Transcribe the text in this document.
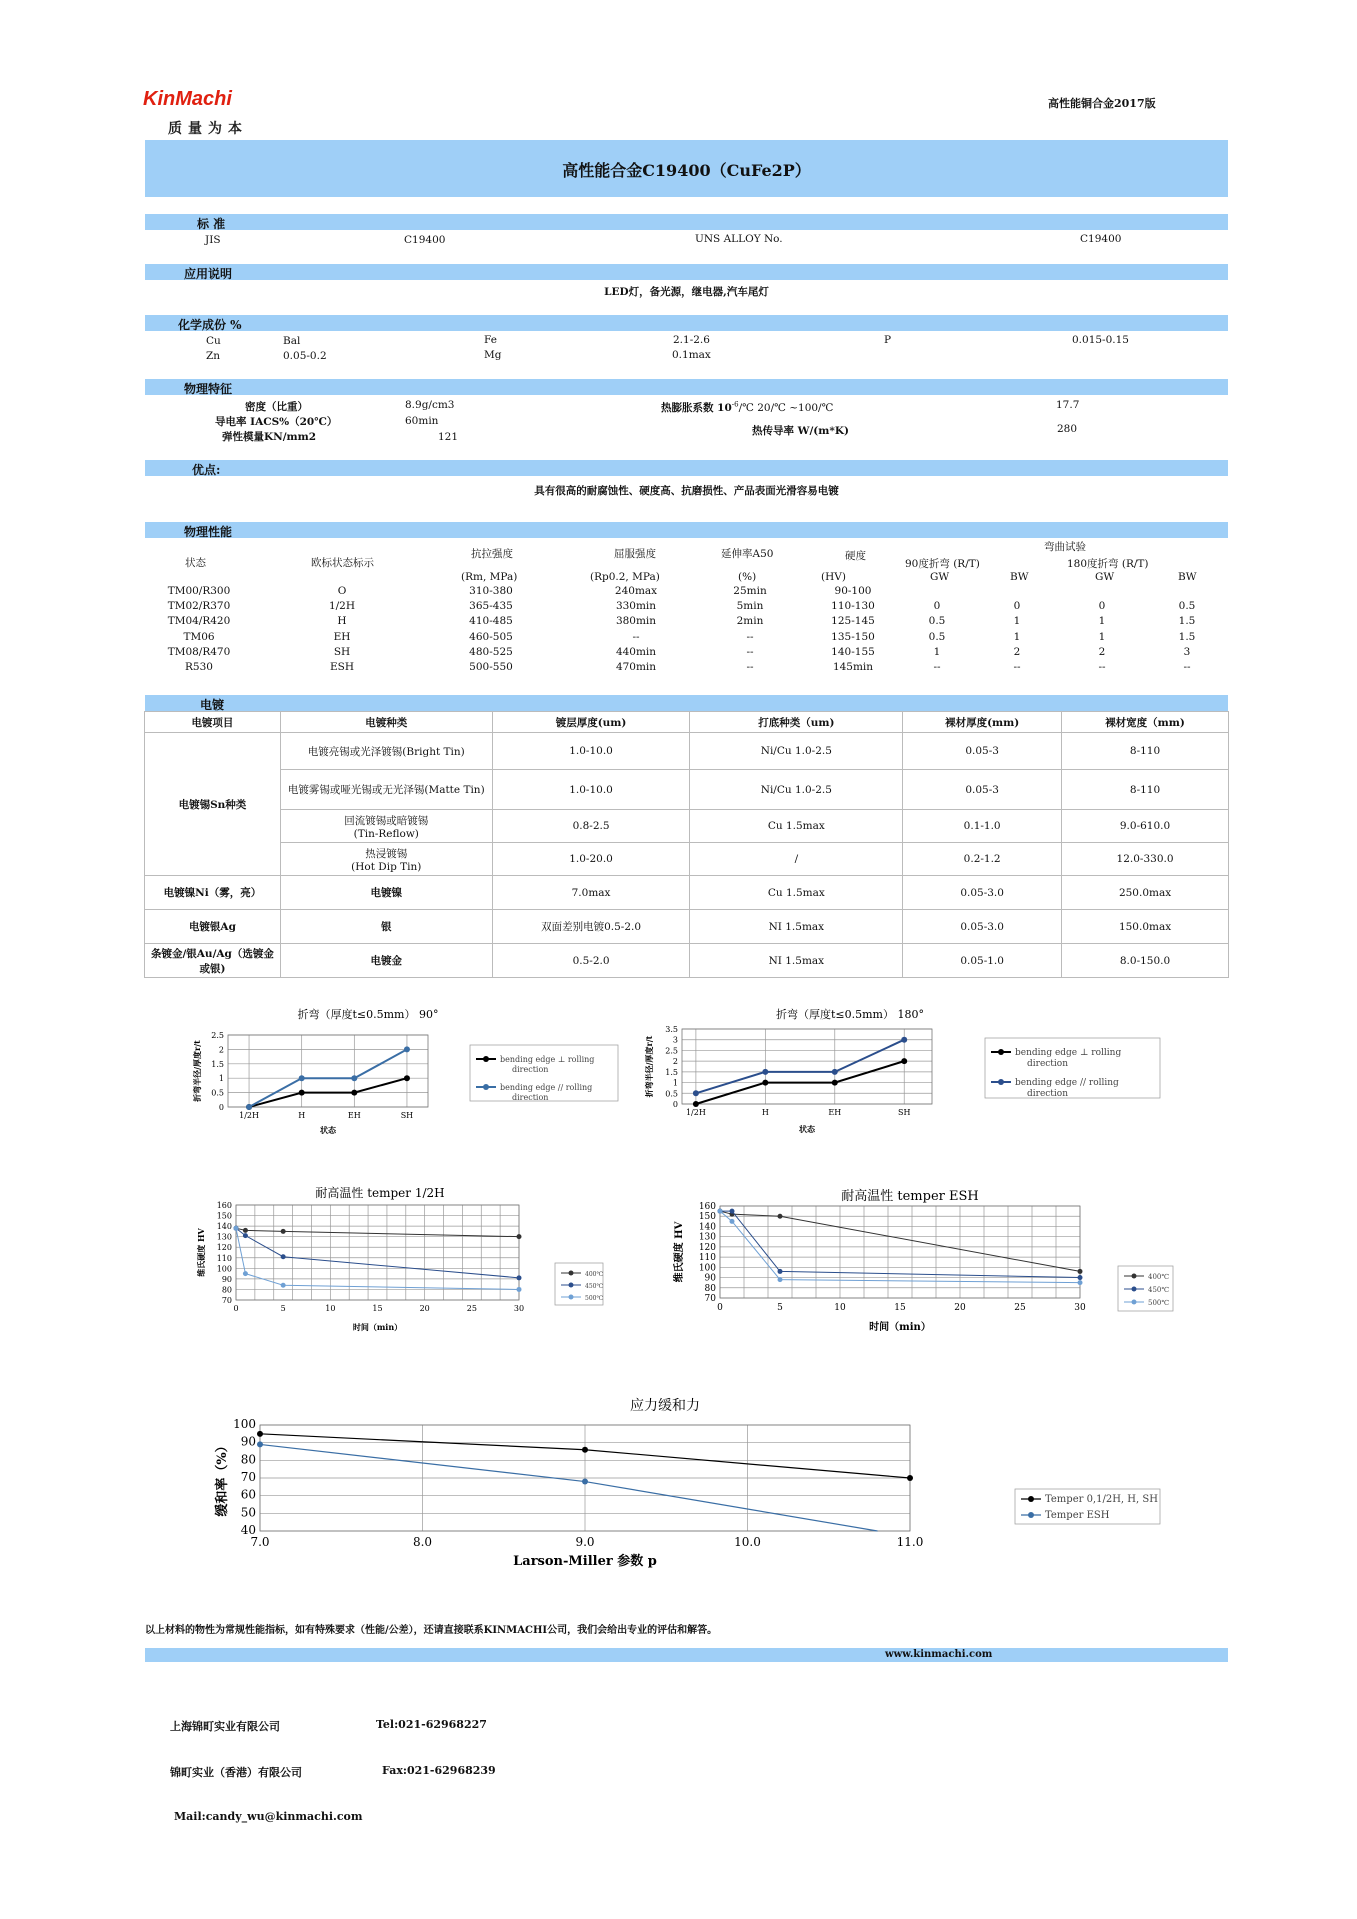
KinMachi
质量为本
高性能铜合金2017版
高性能合金C19400（CuFe2P）
标 准
JIS	C19400	UNS ALLOY No.	C19400
应用说明
LED灯，备光源，继电器,汽车尾灯
化学成份 %
Cu	Bal	Fe	2.1-2.6	P	0.015-0.15
Zn	0.05-0.2	Mg	0.1max
物理特征
密度（比重）	8.9g/cm3
导电率 IACS%（20℃）	60min
弹性模量KN/mm2	121
热膨胀系数 $10^{-6}/℃$ 20/℃ ~100/℃	17.7
热传导率 W/(m*K)	280
优点:
具有很高的耐腐蚀性、硬度高、抗磨损性、产品表面光滑容易电镀
物理性能
状态	欧标状态标示
抗拉强度
(Rm, MPa)
屈服强度
(Rp0.2, MPa)
延伸率A50
(%)
硬度
(HV)
弯曲试验
90度折弯 (R/T)	180度折弯 (R/T)
GW	BW	GW	BW
TM00/R300	O	310-380	240max	25min	90-100
TM02/R370	1/2H	365-435	330min	5min	110-130	0	0	0	0.5
TM04/R420	H	410-485	380min	2min	125-145	0.5	1	1	1.5
TM06	EH	460-505	--	--	135-150	0.5	1	1	1.5
TM08/R470	SH	480-525	440min	--	140-155	1	2	2	3
R530	ESH	500-550	470min	--	145min	--	--	--	--
电镀
电镀项目	电镀种类	镀层厚度(um)	打底种类（um)	裸材厚度(mm)	裸材宽度（mm)
电镀锡Sn种类	电镀亮锡或光泽镀锡(Bright Tin)	1.0-10.0	Ni/Cu 1.0-2.5	0.05-3	8-110
	电镀雾锡或哑光锡或无光泽锡(Matte Tin)	1.0-10.0	Ni/Cu 1.0-2.5	0.05-3	8-110

	回流镀锡或暗镀锡
(Tin-Reflow)	0.8-2.5	Cu 1.5max	0.1-1.0	9.0-610.0

	热浸镀锡
(Hot Dip Tin)	1.0-20.0	/	0.2-1.2	12.0-330.0
电镀镍Ni（雾，亮）	电镀镍	7.0max	Cu 1.5max	0.05-3.0	250.0max
电镀银Ag	银	双面差别电镀0.5-2.0	NI 1.5max	0.05-3.0	150.0max

条镀金/银Au/Ag（选镀金
或银)	电镀金	0.5-2.0	NI 1.5max	0.05-1.0	8.0-150.0
折弯（厚度t≤0.5mm） 90°
0
0.5
1
1.5
2
2.5
1/2H	H	EH	SH
状态
折弯半径/厚度r/t	bending edge ⊥ rolling
direction
bending edge // rolling
direction
折弯（厚度t≤0.5mm） 180°
0
0.5
1
1.5
2
2.5
3
3.5
1/2H	H	EH	SH
状态
折弯半径/厚度r/t	bending edge ⊥ rolling
direction
bending edge // rolling
direction
耐高温性 temper 1/2H
70
80
90
100
110
120
130
140
150
160
0	5	10	15	20	25	30
时间（min）
维氏硬度 HV	400℃
450℃
500℃
耐高温性 temper ESH
70
80
90
100
110
120
130
140
150
160
0	5	10	15	20	25	30
时间（min）
维氏硬度 HV	400℃
450℃
500℃
应力缓和力
40
50
60
70
80
90
100
7.0	8.0	9.0	10.0	11.0
Larson-Miller 参数 p
缓和率（%）	Temper 0,1/2H, H, SH
Temper ESH
以上材料的物性为常规性能指标，如有特殊要求（性能/公差），还请直接联系KINMACHI公司，我们会给出专业的评估和解答。
www.kinmachi.com
上海锦町实业有限公司	Tel:021-62968227
锦町实业（香港）有限公司	Fax:021-62968239
Mail:candy_wu@kinmachi.com
